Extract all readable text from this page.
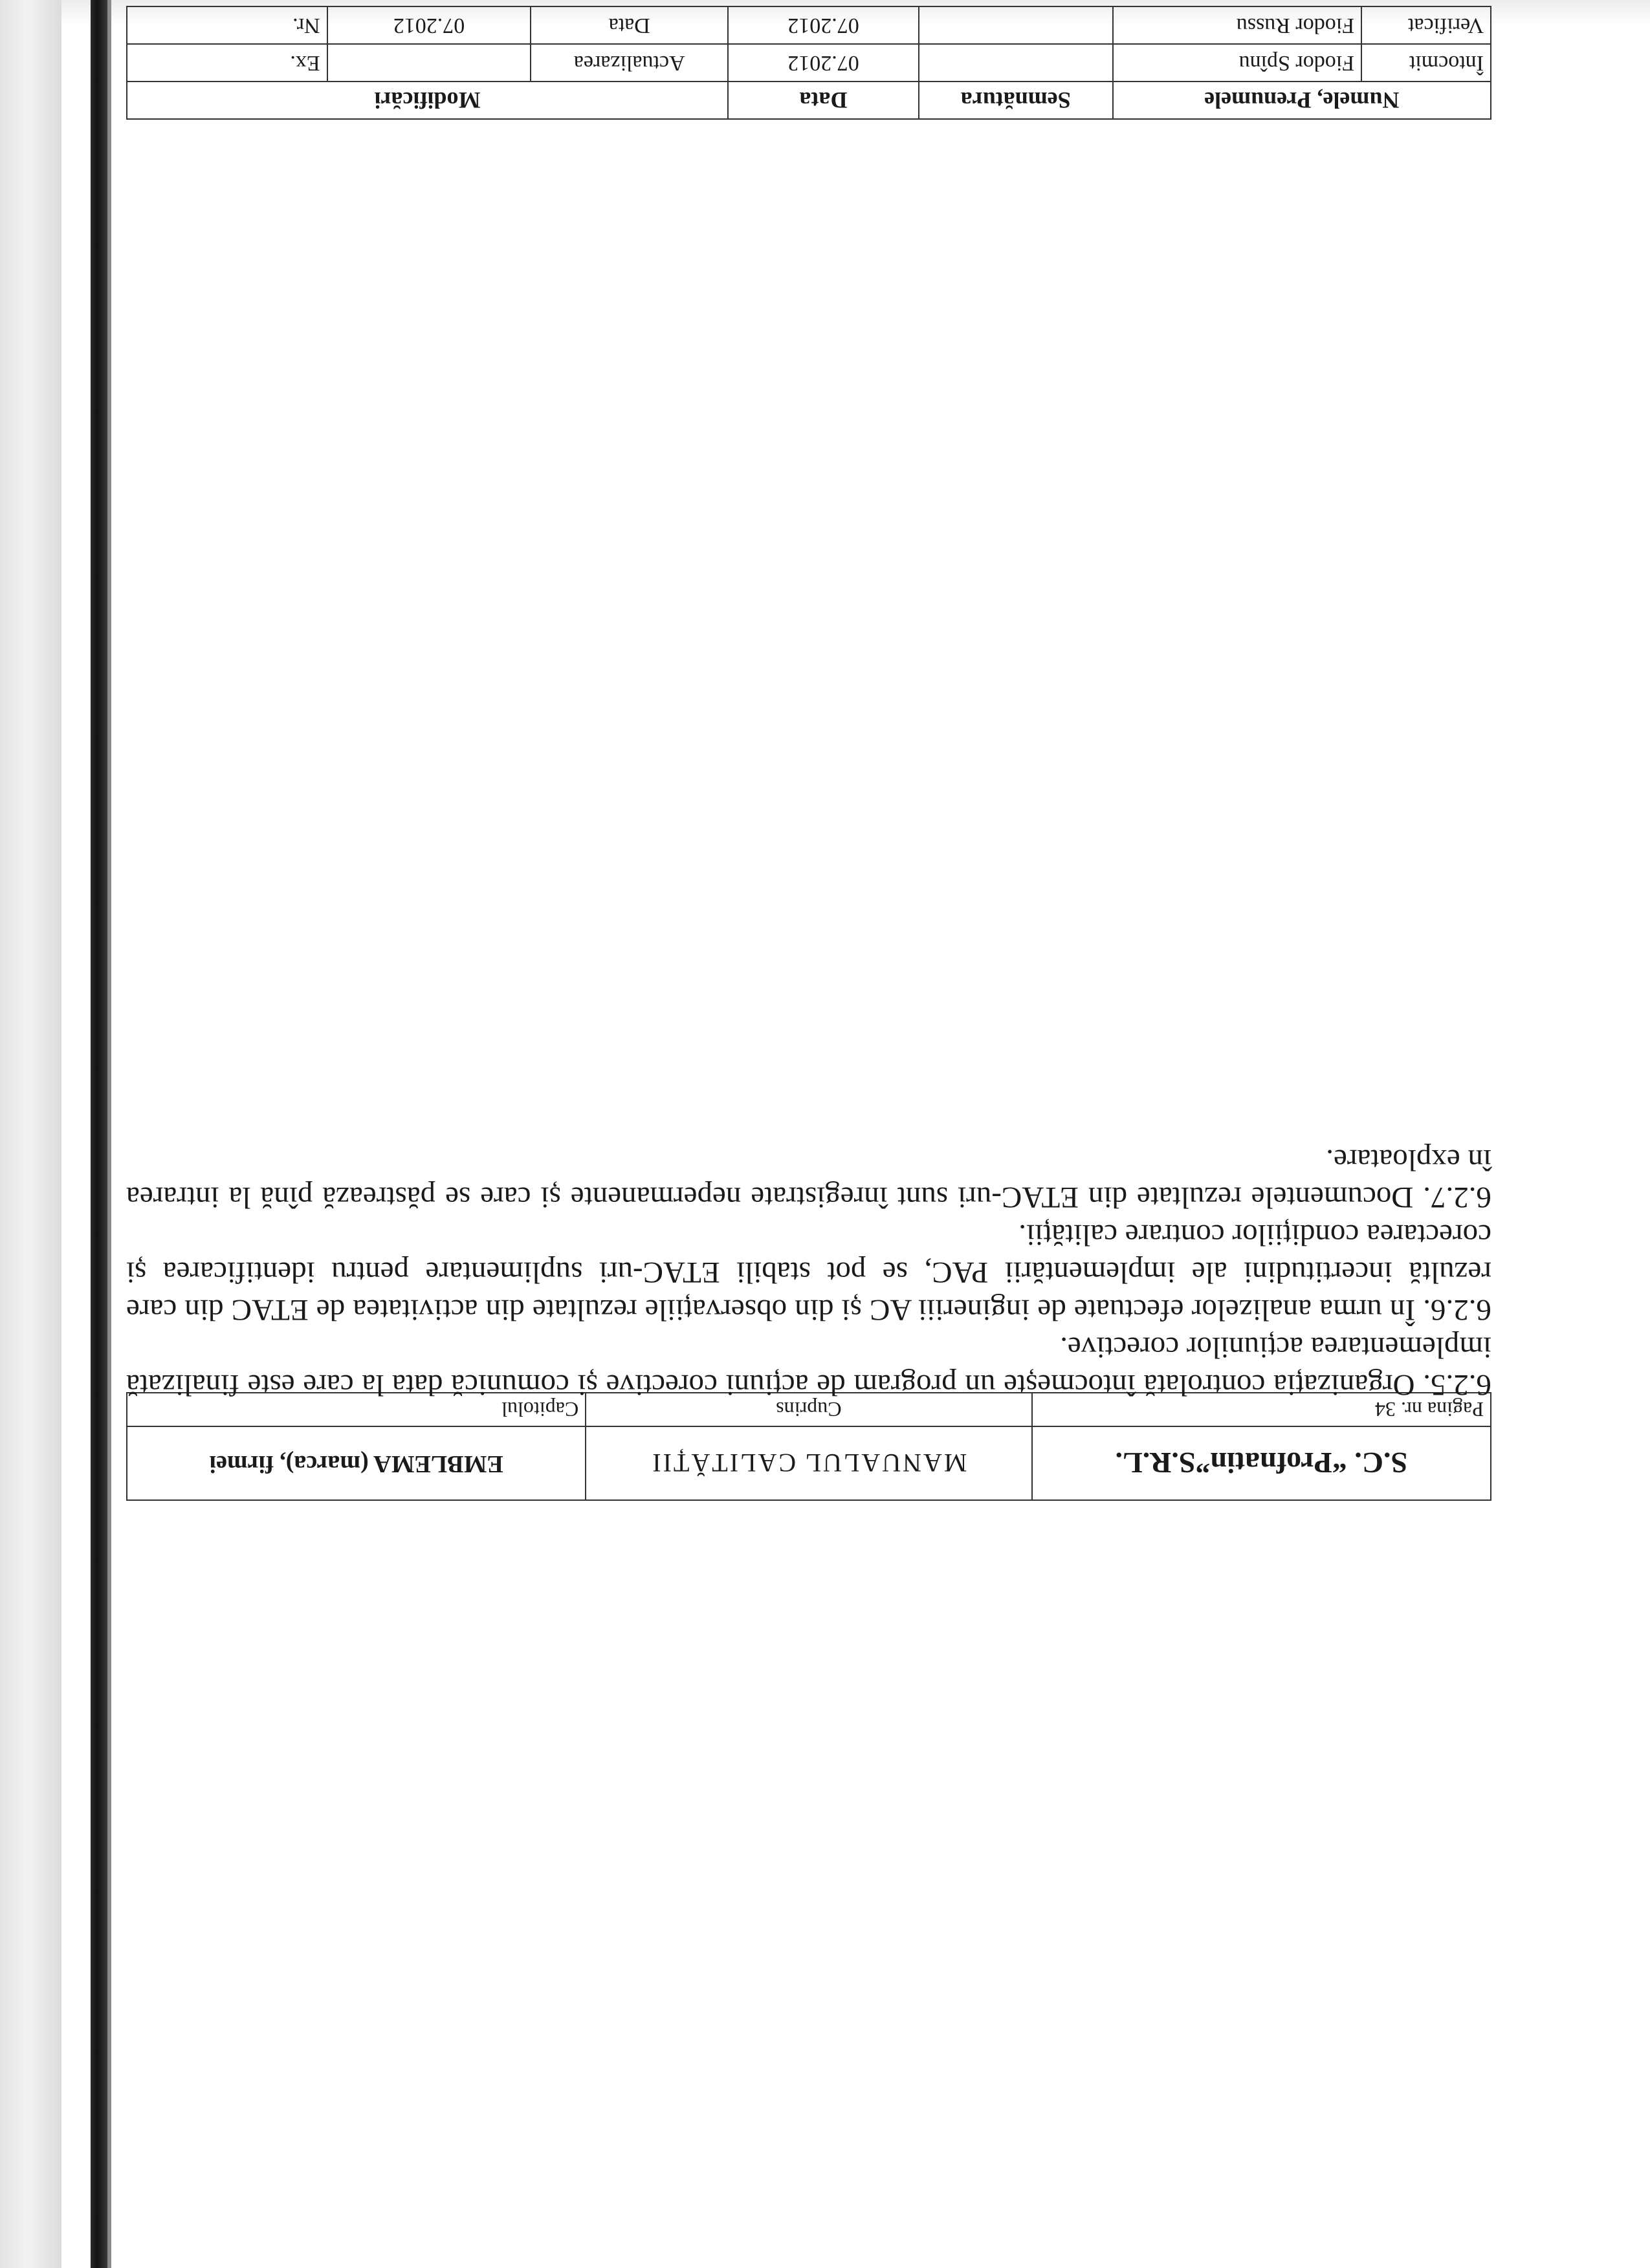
Numele, Prenumele		Semnătura	Data	Modificări		
Întocmit	Fiodor Spînu		07.2012	Actualizarea		Ex.
Verificat	Fiodor Russu		07.2012	Data	07.2012	Nr.
S.C. “Profnatin”S.R.L.	MANUALUL CALITĂȚII	EMBLEMA (marca), firmei
Pagina nr. 34	Cuprins	Capitolul

6.2.5. Organizația controlată întocmește un program de acțiuni corective și comunică data la care este finalizată implementarea acțiunilor corective.

6.2.6. În urma analizelor efectuate de ingineriii AC și din observațiile rezultate din activitatea de ETAC din care rezultă incertitudini ale implementării PAC, se pot stabili ETAC-uri suplimentare pentru identificarea și corectarea condițiilor contrare calității.

6.2.7. Documentele rezultate din ETAC-uri sunt înregistrate nepermanente și care se păstrează pînă la intrarea în exploatare.
